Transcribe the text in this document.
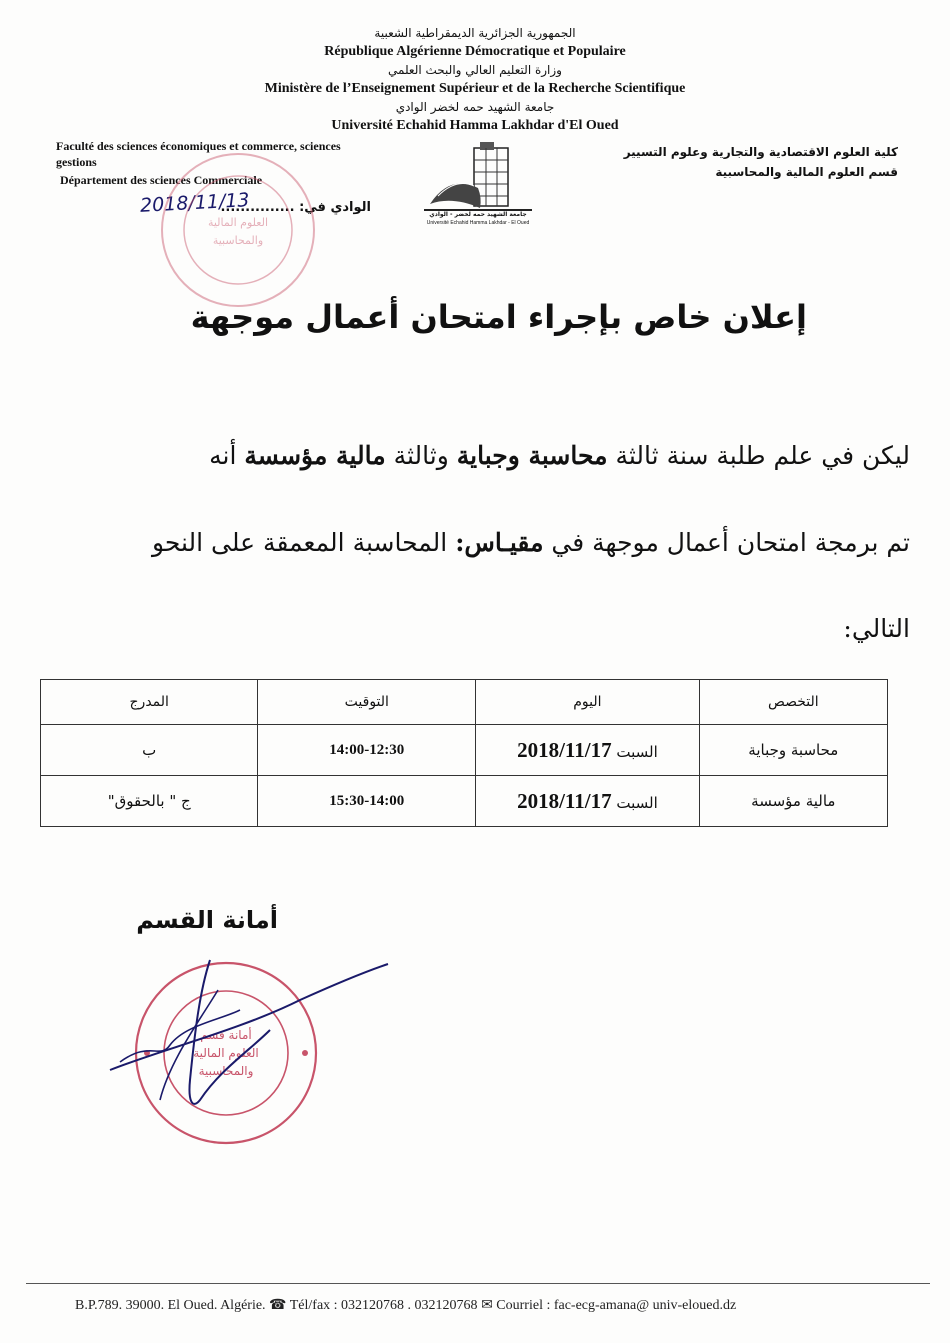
الجمهورية الجزائرية الديمقراطية الشعبية
République Algérienne Démocratique et Populaire
وزارة التعليم العالي والبحث العلمي
Ministère de l’Enseignement Supérieur et de la Recherche Scientifique
جامعة الشهيد حمه لخضر الوادي
Université Echahid Hamma Lakhdar d'El Oued
Faculté des sciences économiques et commerce, sciences
gestions
Département des sciences Commerciale
الوادي في: ...............
2018/11/13
كلية العلوم الاقتصادية والتجارية وعلوم التسيير
قسم العلوم المالية والمحاسبية
جامعة الشهيد حمه لخضر - الوادي
Université Echahid Hamma Lakhdar - El Oued
العلوم المالية
والمحاسبية
إعلان خاص بإجراء امتحان أعمال موجهة
ليكن في علم طلبة سنة ثالثة محاسبة وجباية وثالثة مالية مؤسسة أنه
تم برمجة امتحان أعمال موجهة في مقيـاس: المحاسبة المعمقة على النحو
التالي:
التخصص	اليوم	التوقيت	المدرج
محاسبة وجباية	السبت 2018/11/17	14:00-12:30	ب
مالية مؤسسة	السبت 2018/11/17	15:30-14:00	ج " بالحقوق"
أمانة القسم
أمانة قسم
العلوم المالية
والمحاسبية
B.P.789. 39000. El Oued. Algérie. ☎ Tél/fax : 032120768 . 032120768 ✉ Courriel : fac-ecg-amana@ univ-eloued.dz
